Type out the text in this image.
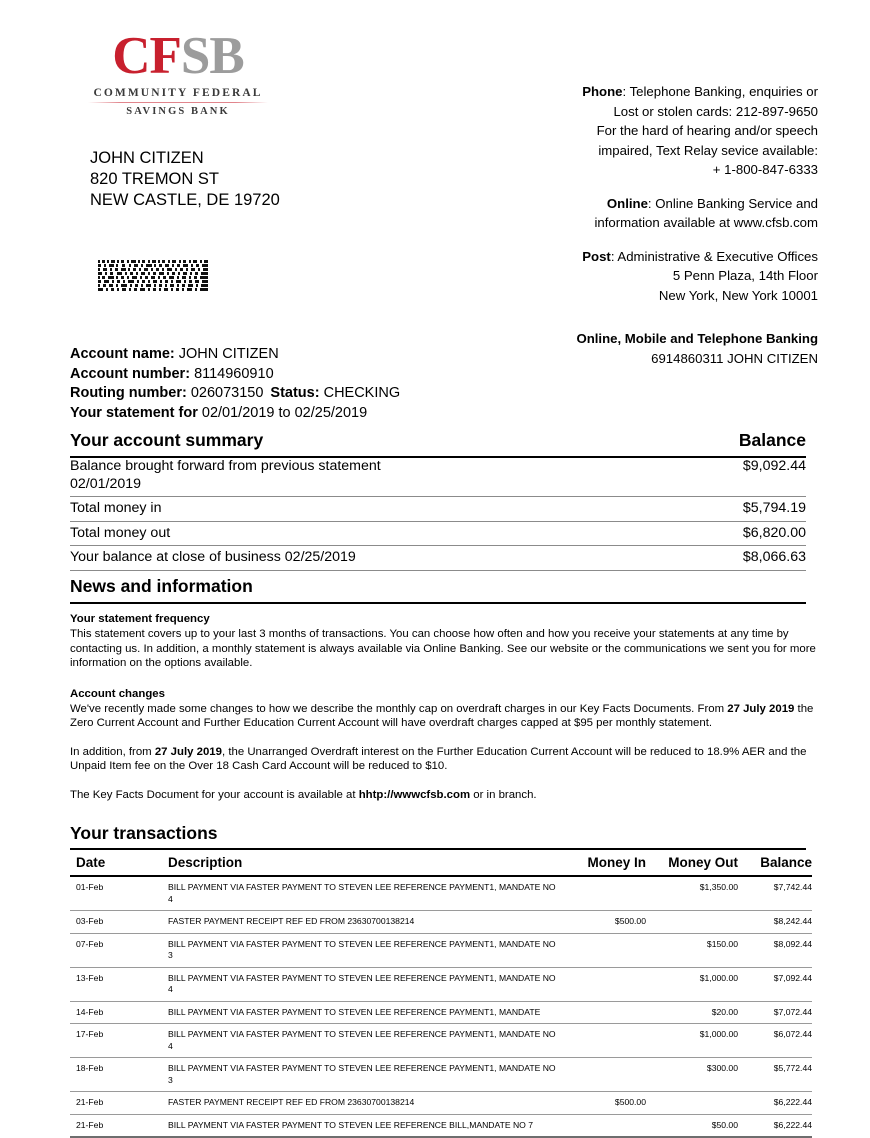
CFSB
COMMUNITY FEDERAL
SAVINGS BANK

Phone: Telephone Banking, enquiries or

Lost or stolen cards: 212-897-9650

For the hard of hearing and/or speech

impaired, Text Relay sevice available:

+ 1-800-847-6333

Online: Online Banking Service and

information available at www.cfsb.com

Post: Administrative & Executive Offices

5 Penn Plaza, 14th Floor

New York, New York 10001

Online, Mobile and Telephone Banking

6914860311 JOHN CITIZEN

JOHN CITIZEN
820 TREMON ST
NEW CASTLE, DE 19720
Account name: JOHN CITIZEN
Account number: 8114960910
Routing number: 026073150 Status: CHECKING
Your statement for 02/01/2019 to 02/25/2019
Balance
Your account summary
Balance brought forward from previous statement
02/01/2019
$9,092.44
Total money in	$5,794.19
Total money out	$6,820.00
Your balance at close of business 02/25/2019	$8,066.63
News and information
Your statement frequency

This statement covers up to your last 3 months of transactions. You can choose how often and how you receive your statements at any time by contacting us. In addition, a monthly statement is always available via Online Banking. See our website or the communications we sent you for more information on the options available.

Account changes

We've recently made some changes to how we describe the monthly cap on overdraft charges in our Key Facts Documents. From 27 July 2019 the Zero Current Account and Further Education Current Account will have overdraft charges capped at $95 per monthly statement.

In addition, from 27 July 2019, the Unarranged Overdraft interest on the Further Education Current Account will be reduced to 18.9% AER and the Unpaid Item fee on the Over 18 Cash Card Account will be reduced to $10.

The Key Facts Document for your account is available at hhtp://wwwcfsb.com or in branch.

Your transactions
Date	Description	Money In	Money Out	Balance
01-Feb	BILL PAYMENT VIA FASTER PAYMENT TO STEVEN LEE REFERENCE PAYMENT1, MANDATE NO 4		$1,350.00	$7,742.44
03-Feb	FASTER PAYMENT RECEIPT REF ED FROM 23630700138214	$500.00		$8,242.44
07-Feb	BILL PAYMENT VIA FASTER PAYMENT TO STEVEN LEE REFERENCE PAYMENT1, MANDATE NO 3		$150.00	$8,092.44
13-Feb	BILL PAYMENT VIA FASTER PAYMENT TO STEVEN LEE REFERENCE PAYMENT1, MANDATE NO 4		$1,000.00	$7,092.44
14-Feb	BILL PAYMENT VIA FASTER PAYMENT TO STEVEN LEE REFERENCE PAYMENT1, MANDATE		$20.00	$7,072.44
17-Feb	BILL PAYMENT VIA FASTER PAYMENT TO STEVEN LEE REFERENCE PAYMENT1, MANDATE NO 4		$1,000.00	$6,072.44
18-Feb	BILL PAYMENT VIA FASTER PAYMENT TO STEVEN LEE REFERENCE PAYMENT1, MANDATE NO 3		$300.00	$5,772.44
21-Feb	FASTER PAYMENT RECEIPT REF ED FROM 23630700138214	$500.00		$6,222.44
21-Feb	BILL PAYMENT VIA FASTER PAYMENT TO STEVEN LEE REFERENCE BILL,MANDATE NO 7		$50.00	$6,222.44
